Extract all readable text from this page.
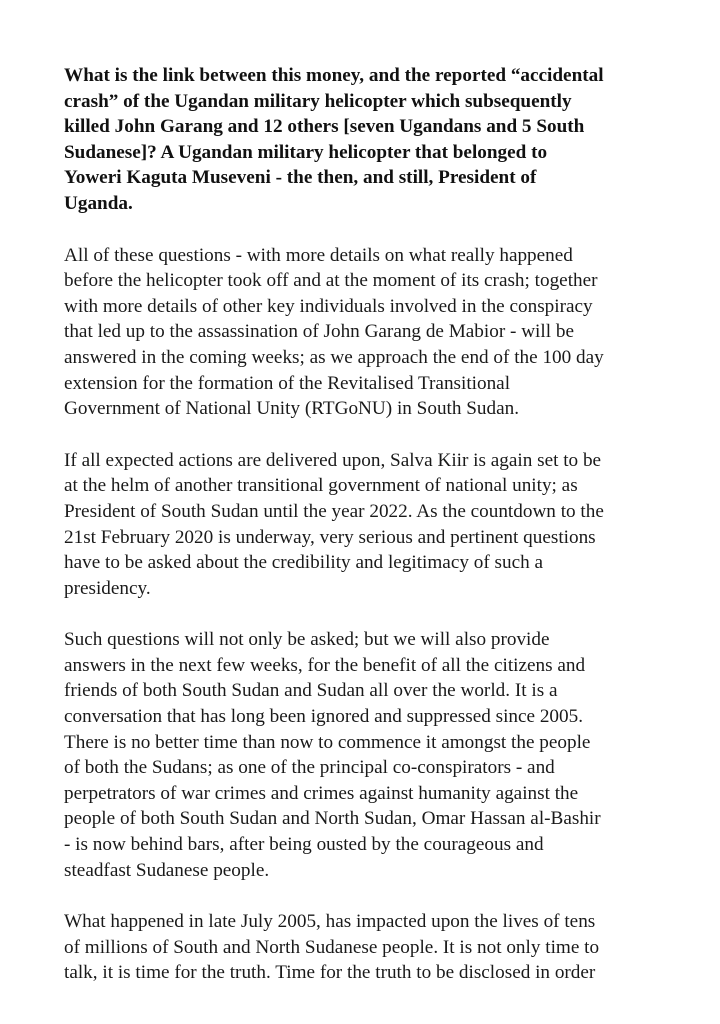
What is the link between this money, and the reported “accidental
crash” of the Ugandan military helicopter which subsequently
killed John Garang and 12 others [seven Ugandans and 5 South
Sudanese]? A Ugandan military helicopter that belonged to
Yoweri Kaguta Museveni - the then, and still, President of
Uganda.

All of these questions - with more details on what really happened
before the helicopter took off and at the moment of its crash; together
with more details of other key individuals involved in the conspiracy
that led up to the assassination of John Garang de Mabior - will be
answered in the coming weeks; as we approach the end of the 100 day
extension for the formation of the Revitalised Transitional
Government of National Unity (RTGoNU) in South Sudan.

If all expected actions are delivered upon, Salva Kiir is again set to be
at the helm of another transitional government of national unity; as
President of South Sudan until the year 2022. As the countdown to the
21st February 2020 is underway, very serious and pertinent questions
have to be asked about the credibility and legitimacy of such a
presidency.

Such questions will not only be asked; but we will also provide
answers in the next few weeks, for the benefit of all the citizens and
friends of both South Sudan and Sudan all over the world. It is a
conversation that has long been ignored and suppressed since 2005.
There is no better time than now to commence it amongst the people
of both the Sudans; as one of the principal co-conspirators - and
perpetrators of war crimes and crimes against humanity against the
people of both South Sudan and North Sudan, Omar Hassan al-Bashir
- is now behind bars, after being ousted by the courageous and
steadfast Sudanese people.

What happened in late July 2005, has impacted upon the lives of tens
of millions of South and North Sudanese people. It is not only time to
talk, it is time for the truth. Time for the truth to be disclosed in order
